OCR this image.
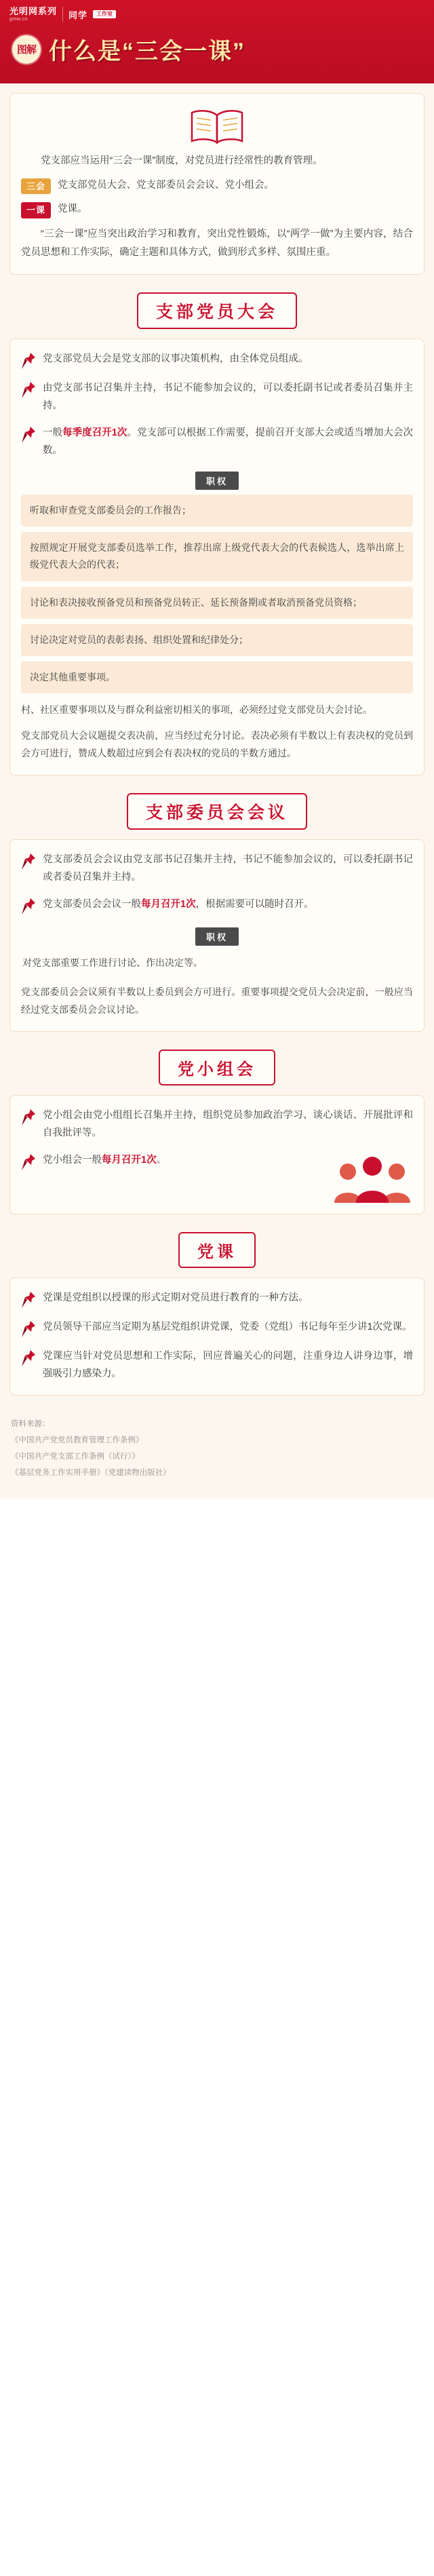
光明网系列
gmw.cn	同学	工作室
图解 什么是“三会一课”

党支部应当运用“三会一课”制度，对党员进行经常性的教育管理。

三会	党支部党员大会、党支部委员会会议、党小组会。
一课	党课。

“三会一课”应当突出政治学习和教育，突出党性锻炼，以“两学一做”为主要内容，结合党员思想和工作实际，确定主题和具体方式，做到形式多样、氛围庄重。

支部党员大会
党支部党员大会是党支部的议事决策机构，由全体党员组成。
由党支部书记召集并主持，书记不能参加会议的，可以委托副书记或者委员召集并主持。
一般每季度召开1次。党支部可以根据工作需要，提前召开支部大会或适当增加大会次数。
职权
听取和审查党支部委员会的工作报告；
按照规定开展党支部委员选举工作，推荐出席上级党代表大会的代表候选人，选举出席上级党代表大会的代表；
讨论和表决接收预备党员和预备党员转正、延长预备期或者取消预备党员资格；
讨论决定对党员的表彰表扬、组织处置和纪律处分；
决定其他重要事项。
村、社区重要事项以及与群众利益密切相关的事项，必须经过党支部党员大会讨论。
党支部党员大会议题提交表决前，应当经过充分讨论。表决必须有半数以上有表决权的党员到会方可进行，赞成人数超过应到会有表决权的党员的半数方通过。
支部委员会会议
党支部委员会会议由党支部书记召集并主持，书记不能参加会议的，可以委托副书记或者委员召集并主持。
党支部委员会会议一般每月召开1次，根据需要可以随时召开。
职权
对党支部重要工作进行讨论、作出决定等。
党支部委员会会议须有半数以上委员到会方可进行。重要事项提交党员大会决定前，一般应当经过党支部委员会会议讨论。
党小组会
党小组会由党小组组长召集并主持，组织党员参加政治学习、谈心谈话、开展批评和自我批评等。
党小组会一般每月召开1次。
党课
党课是党组织以授课的形式定期对党员进行教育的一种方法。
党员领导干部应当定期为基层党组织讲党课，党委（党组）书记每年至少讲1次党课。
党课应当针对党员思想和工作实际，回应普遍关心的问题，注重身边人讲身边事，增强吸引力感染力。
资料来源：
《中国共产党党员教育管理工作条例》
《中国共产党支部工作条例（试行）》
《基层党务工作实用手册》（党建读物出版社）
